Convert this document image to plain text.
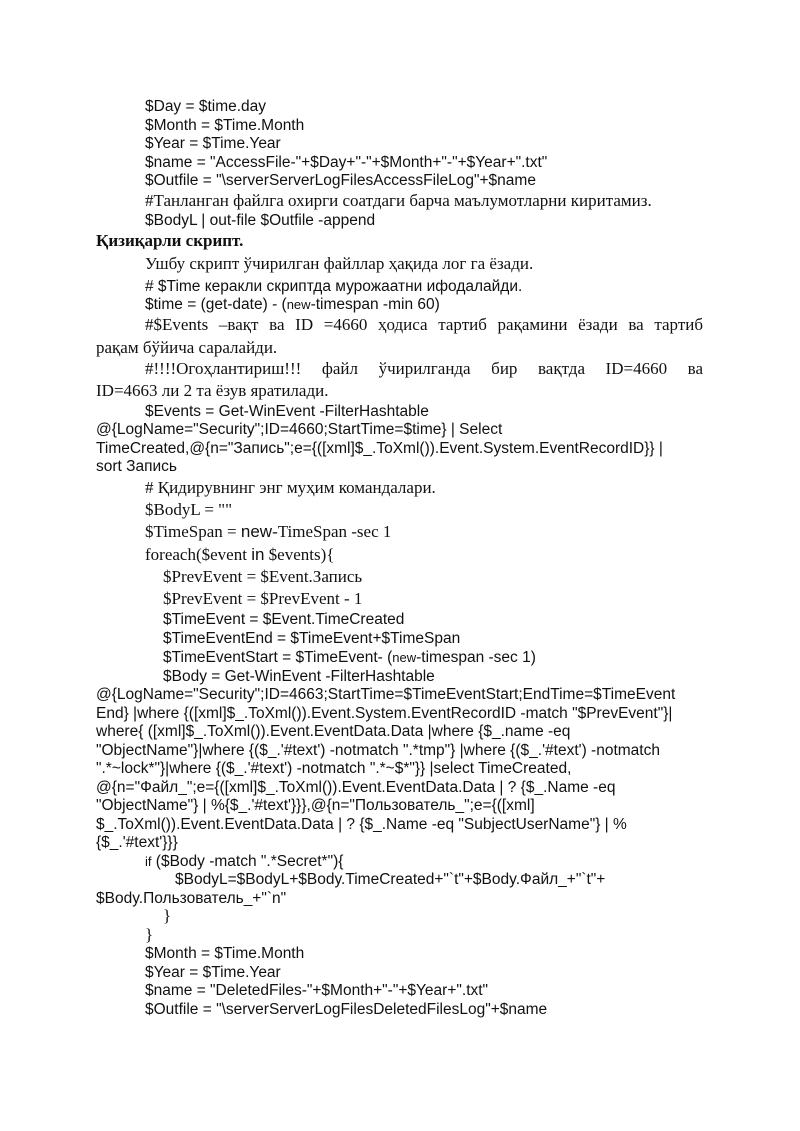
$Day = $time.day
$Month = $Time.Month
$Year = $Time.Year
$name = "AccessFile-"+$Day+"-"+$Month+"-"+$Year+".txt"
$Outfile = "\serverServerLogFilesAccessFileLog"+$name
#Танланган файлга охирги соатдаги барча маълумотларни киритамиз.
$BodyL | out-file $Outfile -append
Қизиқарли скрипт.
Ушбу скрипт ўчирилган файллар ҳақида лог га ёзади.
# $Time керакли скриптда мурожаатни ифодалайди.
$time = (get-date) - (new-timespan -min 60)
#$Events –вақт ва ID =4660 ҳодиса тартиб рақамини ёзади ва тартиб
рақам бўйича саралайди.
#!!!!Огоҳлантириш!!! файл ўчирилганда бир вақтда ID=4660 ва
ID=4663 ли 2 та ёзув яратилади.
$Events = Get-WinEvent -FilterHashtable
@{LogName="Security";ID=4660;StartTime=$time} | Select
TimeCreated,@{n="Запись";e={([xml]$_.ToXml()).Event.System.EventRecordID}} |
sort Запись
# Қидирувнинг энг муҳим командалари.
$BodyL = ""
$TimeSpan = new-TimeSpan -sec 1
foreach($event in $events){
$PrevEvent = $Event.Запись
$PrevEvent = $PrevEvent - 1
$TimeEvent = $Event.TimeCreated
$TimeEventEnd = $TimeEvent+$TimeSpan
$TimeEventStart = $TimeEvent- (new-timespan -sec 1)
$Body = Get-WinEvent -FilterHashtable
@{LogName="Security";ID=4663;StartTime=$TimeEventStart;EndTime=$TimeEvent
End} |where {([xml]$_.ToXml()).Event.System.EventRecordID -match "$PrevEvent"}|
where{ ([xml]$_.ToXml()).Event.EventData.Data |where {$_.name -eq
"ObjectName"}|where {($_.'#text') -notmatch ".*tmp"} |where {($_.'#text') -notmatch
".*~lock*"}|where {($_.'#text') -notmatch ".*~$*"}} |select TimeCreated,
@{n="Файл_";e={([xml]$_.ToXml()).Event.EventData.Data | ? {$_.Name -eq
"ObjectName"} | %{$_.'#text'}}},@{n="Пользователь_";e={([xml]
$_.ToXml()).Event.EventData.Data | ? {$_.Name -eq "SubjectUserName"} | %
{$_.'#text'}}}
if ($Body -match ".*Secret*"){
$BodyL=$BodyL+$Body.TimeCreated+"`t"+$Body.Файл_+"`t"+
$Body.Пользователь_+"`n"
}
}
$Month = $Time.Month
$Year = $Time.Year
$name = "DeletedFiles-"+$Month+"-"+$Year+".txt"
$Outfile = "\serverServerLogFilesDeletedFilesLog"+$name
